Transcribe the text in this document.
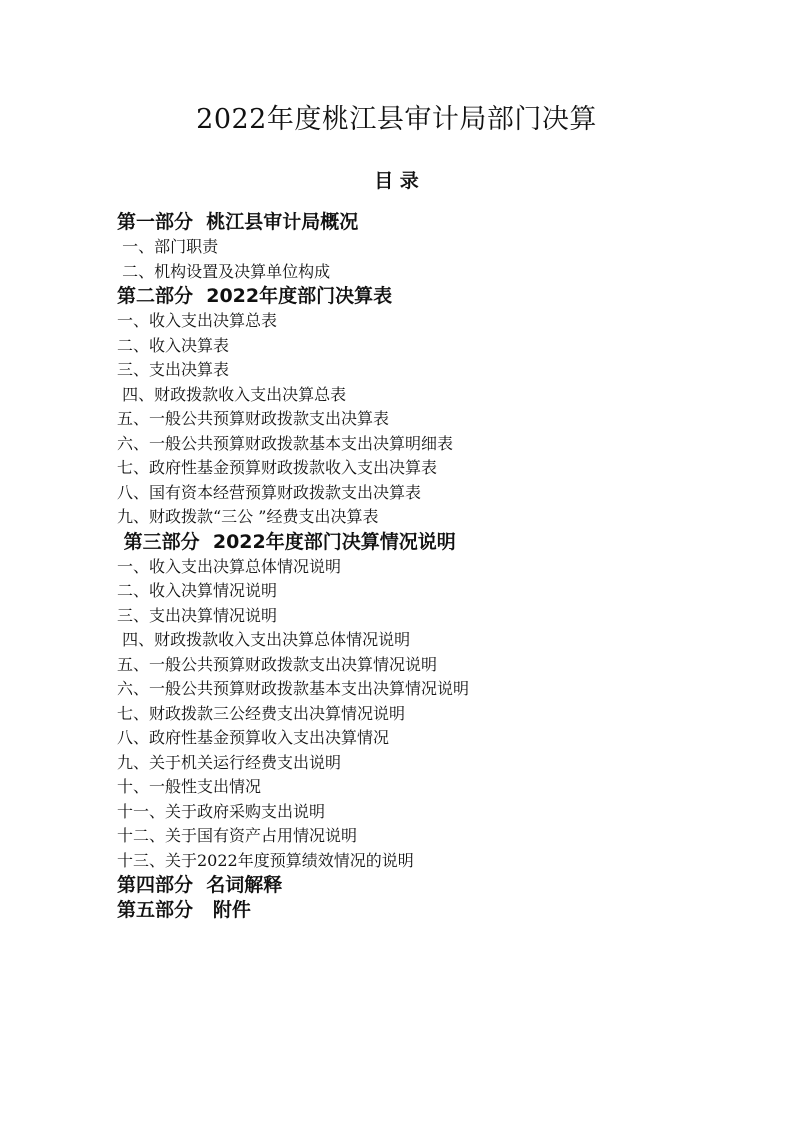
2022年度桃江县审计局部门决算
目 录
第一部分  桃江县审计局概况
一、部门职责
二、机构设置及决算单位构成
第二部分  2022年度部门决算表
一、收入支出决算总表
二、收入决算表
三、支出决算表
四、财政拨款收入支出决算总表
五、一般公共预算财政拨款支出决算表
六、一般公共预算财政拨款基本支出决算明细表
七、政府性基金预算财政拨款收入支出决算表
八、国有资本经营预算财政拨款支出决算表
九、财政拨款“三公 ”经费支出决算表
第三部分  2022年度部门决算情况说明
一、收入支出决算总体情况说明
二、收入决算情况说明
三、支出决算情况说明
四、财政拨款收入支出决算总体情况说明
五、一般公共预算财政拨款支出决算情况说明
六、一般公共预算财政拨款基本支出决算情况说明
七、财政拨款三公经费支出决算情况说明
八、政府性基金预算收入支出决算情况
九、关于机关运行经费支出说明
十、一般性支出情况
十一、关于政府采购支出说明
十二、关于国有资产占用情况说明
十三、关于2022年度预算绩效情况的说明
第四部分  名词解释
第五部分   附件
